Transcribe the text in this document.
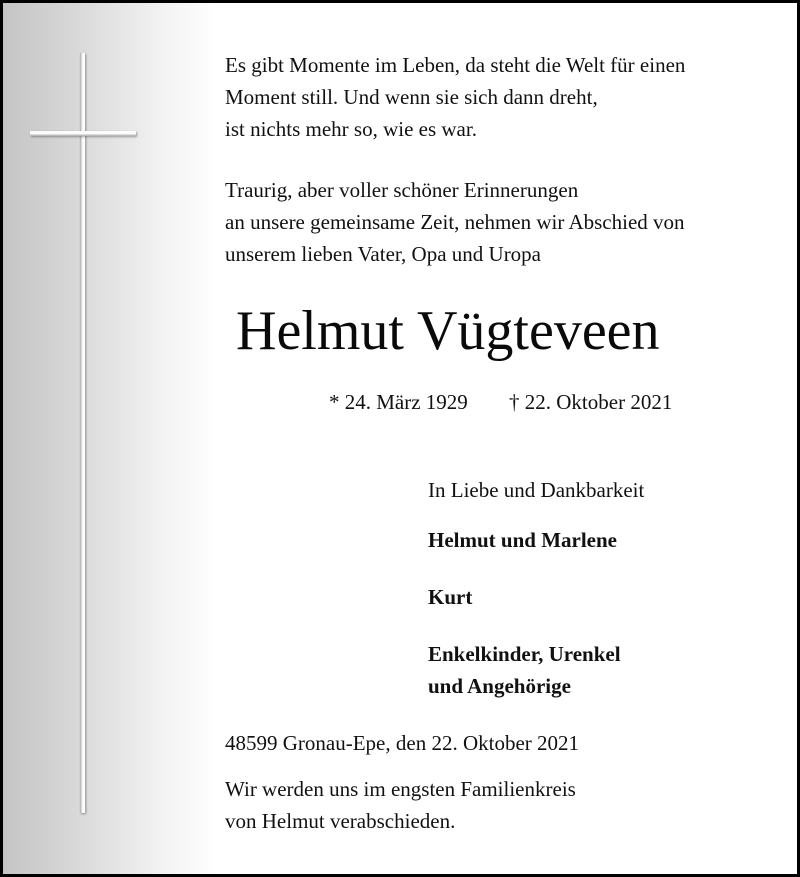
Es gibt Momente im Leben, da steht die Welt für einen
Moment still. Und wenn sie sich dann dreht,
ist nichts mehr so, wie es war.

Traurig, aber voller schöner Erinnerungen
an unsere gemeinsame Zeit, nehmen wir Abschied von
unserem lieben Vater, Opa und Uropa

Helmut Vügteveen

* 24. März 1929 † 22. Oktober 2021

In Liebe und Dankbarkeit

Helmut und Marlene

Kurt

Enkelkinder, Urenkel

und Angehörige

48599 Gronau-Epe, den 22. Oktober 2021

Wir werden uns im engsten Familienkreis
von Helmut verabschieden.
